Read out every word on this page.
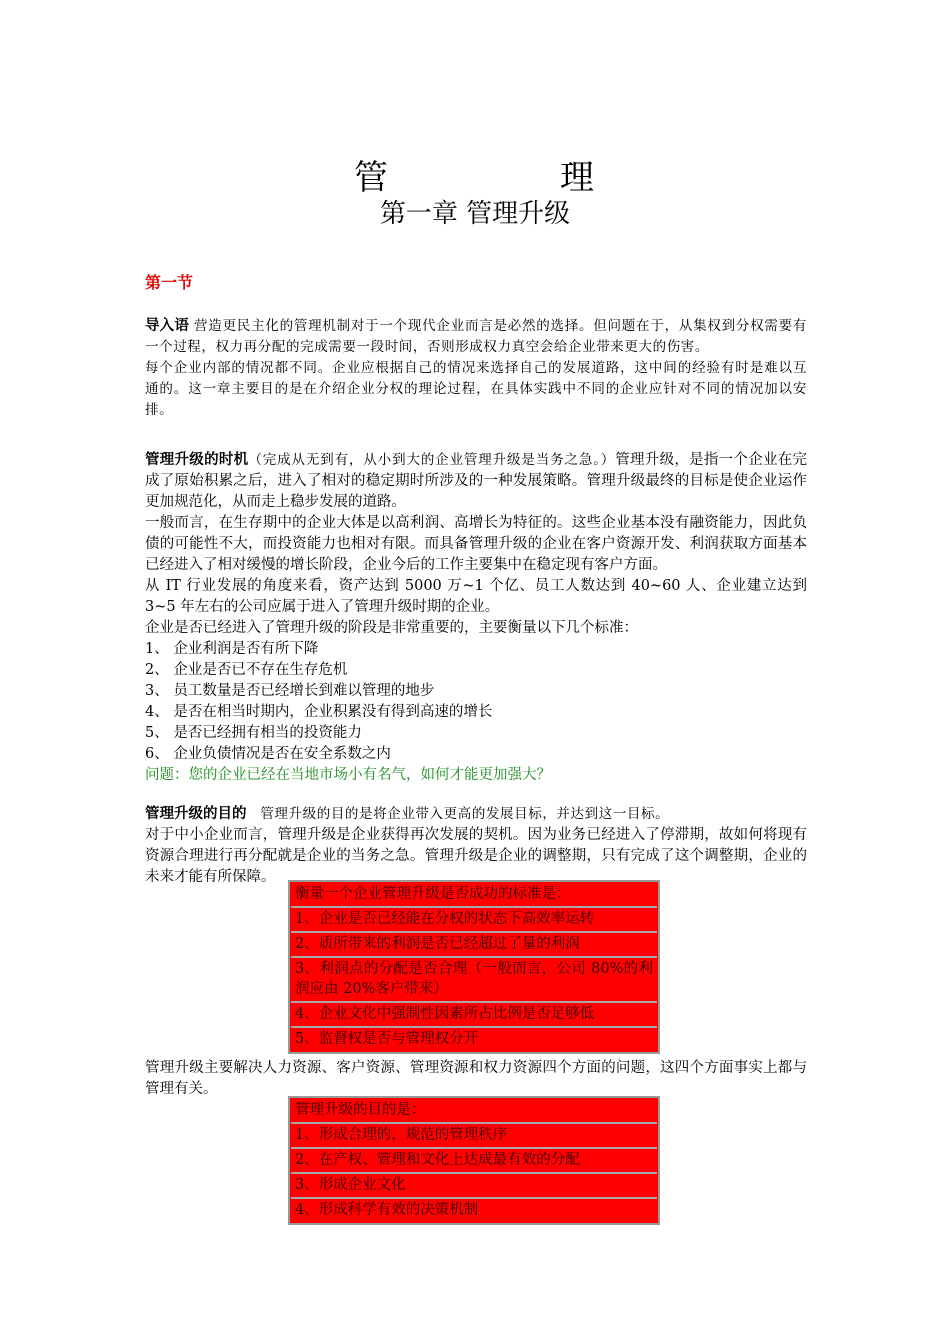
管	理
第一章 管理升级
第一节

导入语 营造更民主化的管理机制对于一个现代企业而言是必然的选择。但问题在于，从集权到分权需要有一个过程，权力再分配的完成需要一段时间，否则形成权力真空会给企业带来更大的伤害。

每个企业内部的情况都不同。企业应根据自己的情况来选择自己的发展道路，这中间的经验有时是难以互通的。这一章主要目的是在介绍企业分权的理论过程，在具体实践中不同的企业应针对不同的情况加以安排。

管理升级的时机（完成从无到有，从小到大的企业管理升级是当务之急。）管理升级，是指一个企业在完成了原始积累之后，进入了相对的稳定期时所涉及的一种发展策略。管理升级最终的目标是使企业运作更加规范化，从而走上稳步发展的道路。

一般而言，在生存期中的企业大体是以高利润、高增长为特征的。这些企业基本没有融资能力，因此负债的可能性不大，而投资能力也相对有限。而具备管理升级的企业在客户资源开发、利润获取方面基本已经进入了相对缓慢的增长阶段，企业今后的工作主要集中在稳定现有客户方面。

从 IT 行业发展的角度来看，资产达到 5000 万~1 个亿、员工人数达到 40~60 人、企业建立达到 3~5 年左右的公司应属于进入了管理升级时期的企业。

企业是否已经进入了管理升级的阶段是非常重要的，主要衡量以下几个标准：

1、 企业利润是否有所下降

2、 企业是否已不存在生存危机

3、 员工数量是否已经增长到难以管理的地步

4、 是否在相当时期内，企业积累没有得到高速的增长

5、 是否已经拥有相当的投资能力

6、 企业负债情况是否在安全系数之内

问题：您的企业已经在当地市场小有名气，如何才能更加强大？

管理升级的目的 管理升级的目的是将企业带入更高的发展目标，并达到这一目标。

对于中小企业而言，管理升级是企业获得再次发展的契机。因为业务已经进入了停滞期，故如何将现有资源合理进行再分配就是企业的当务之急。管理升级是企业的调整期，只有完成了这个调整期，企业的未来才能有所保障。

衡量一个企业管理升级是否成功的标准是：
1、企业是否已经能在分权的状态下高效率运转
2、质所带来的利润是否已经超过了量的利润
3、利润点的分配是否合理（一般而言，公司 80%的利润应由 20%客户带来）
4、企业文化中强制性因素所占比例是否足够低
5、监督权是否与管理权分开

管理升级主要解决人力资源、客户资源、管理资源和权力资源四个方面的问题，这四个方面事实上都与管理有关。

管理升级的目的是：
1、形成合理的，规范的管理秩序
2、在产权、管理和文化上达成最有效的分配
3、形成企业文化
4、形成科学有效的决策机制
